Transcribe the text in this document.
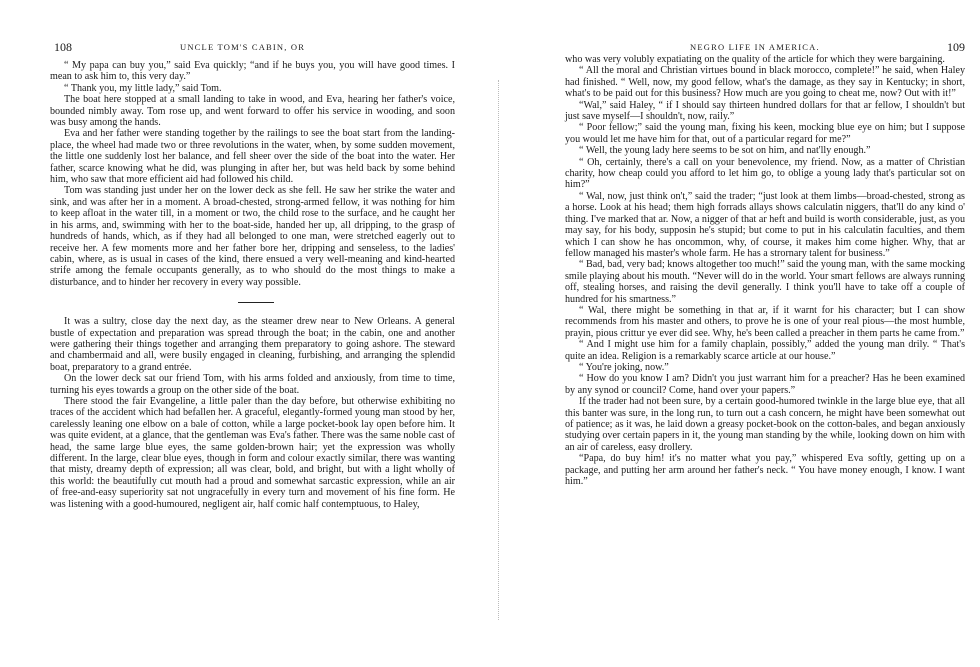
108	UNCLE TOM'S CABIN, OR

“ My papa can buy you,” said Eva quickly; “and if he buys you, you will have good times. I mean to ask him to, this very day.”

“ Thank you, my little lady,” said Tom.

The boat here stopped at a small landing to take in wood, and Eva, hearing her father's voice, bounded nimbly away. Tom rose up, and went forward to offer his service in wooding, and soon was busy among the hands.

Eva and her father were standing together by the railings to see the boat start from the landing-place, the wheel had made two or three revolutions in the water, when, by some sudden movement, the little one suddenly lost her balance, and fell sheer over the side of the boat into the water. Her father, scarce knowing what he did, was plunging in after her, but was held back by some behind him, who saw that more efficient aid had followed his child.

Tom was standing just under her on the lower deck as she fell. He saw her strike the water and sink, and was after her in a moment. A broad-chested, strong-armed fellow, it was nothing for him to keep afloat in the water till, in a moment or two, the child rose to the surface, and he caught her in his arms, and, swimming with her to the boat-side, handed her up, all dripping, to the grasp of hundreds of hands, which, as if they had all belonged to one man, were stretched eagerly out to receive her. A few moments more and her father bore her, dripping and senseless, to the ladies' cabin, where, as is usual in cases of the kind, there ensued a very well-meaning and kind-hearted strife among the female occupants generally, as to who should do the most things to make a disturbance, and to hinder her recovery in every way possible.

It was a sultry, close day the next day, as the steamer drew near to New Orleans. A general bustle of expectation and preparation was spread through the boat; in the cabin, one and another were gathering their things together and arranging them preparatory to going ashore. The steward and chambermaid and all, were busily engaged in cleaning, furbishing, and arranging the splendid boat, preparatory to a grand entrée.

On the lower deck sat our friend Tom, with his arms folded and anxiously, from time to time, turning his eyes towards a group on the other side of the boat.

There stood the fair Evangeline, a little paler than the day before, but otherwise exhibiting no traces of the accident which had befallen her. A graceful, elegantly-formed young man stood by her, carelessly leaning one elbow on a bale of cotton, while a large pocket-book lay open before him. It was quite evident, at a glance, that the gentleman was Eva's father. There was the same noble cast of head, the same large blue eyes, the same golden-brown hair; yet the expression was wholly different. In the large, clear blue eyes, though in form and colour exactly similar, there was wanting that misty, dreamy depth of expression; all was clear, bold, and bright, but with a light wholly of this world: the beautifully cut mouth had a proud and somewhat sarcastic expression, while an air of free-and-easy superiority sat not ungracefully in every turn and movement of his fine form. He was listening with a good-humoured, negligent air, half comic half contemptuous, to Haley,

NEGRO LIFE IN AMERICA.	109

who was very volubly expatiating on the quality of the article for which they were bargaining.

“ All the moral and Christian virtues bound in black morocco, complete!” he said, when Haley had finished. “ Well, now, my good fellow, what's the damage, as they say in Kentucky; in short, what's to be paid out for this business? How much are you going to cheat me, now? Out with it!”

“Wal,” said Haley, “ if I should say thirteen hundred dollars for that ar fellow, I shouldn't but just save myself—I shouldn't, now, raily.”

“ Poor fellow;” said the young man, fixing his keen, mocking blue eye on him; but I suppose you would let me have him for that, out of a particular regard for me?”

“ Well, the young lady here seems to be sot on him, and nat'lly enough.”

“ Oh, certainly, there's a call on your benevolence, my friend. Now, as a matter of Christian charity, how cheap could you afford to let him go, to oblige a young lady that's particular sot on him?”

“ Wal, now, just think on't,” said the trader; “just look at them limbs—broad-chested, strong as a horse. Look at his head; them high forrads allays shows calculatin niggers, that'll do any kind o' thing. I've marked that ar. Now, a nigger of that ar heft and build is worth considerable, just, as you may say, for his body, supposin he's stupid; but come to put in his calculatin faculties, and them which I can show he has oncommon, why, of course, it makes him come higher. Why, that ar fellow managed his master's whole farm. He has a strornary talent for business.”

“ Bad, bad, very bad; knows altogether too much!” said the young man, with the same mocking smile playing about his mouth. “Never will do in the world. Your smart fellows are always running off, stealing horses, and raising the devil generally. I think you'll have to take off a couple of hundred for his smartness.”

“ Wal, there might be something in that ar, if it warnt for his character; but I can show recommends from his master and others, to prove he is one of your real pious—the most humble, prayin, pious crittur ye ever did see. Why, he's been called a preacher in them parts he came from.”

“ And I might use him for a family chaplain, possibly,” added the young man drily. “ That's quite an idea. Religion is a remarkably scarce article at our house.”

“ You're joking, now.”

“ How do you know I am? Didn't you just warrant him for a preacher? Has he been examined by any synod or council? Come, hand over your papers.”

If the trader had not been sure, by a certain good-humored twinkle in the large blue eye, that all this banter was sure, in the long run, to turn out a cash concern, he might have been somewhat out of patience; as it was, he laid down a greasy pocket-book on the cotton-bales, and began anxiously studying over certain papers in it, the young man standing by the while, looking down on him with an air of careless, easy drollery.

“Papa, do buy him! it's no matter what you pay,” whispered Eva softly, getting up on a package, and putting her arm around her father's neck. “ You have money enough, I know. I want him.”
